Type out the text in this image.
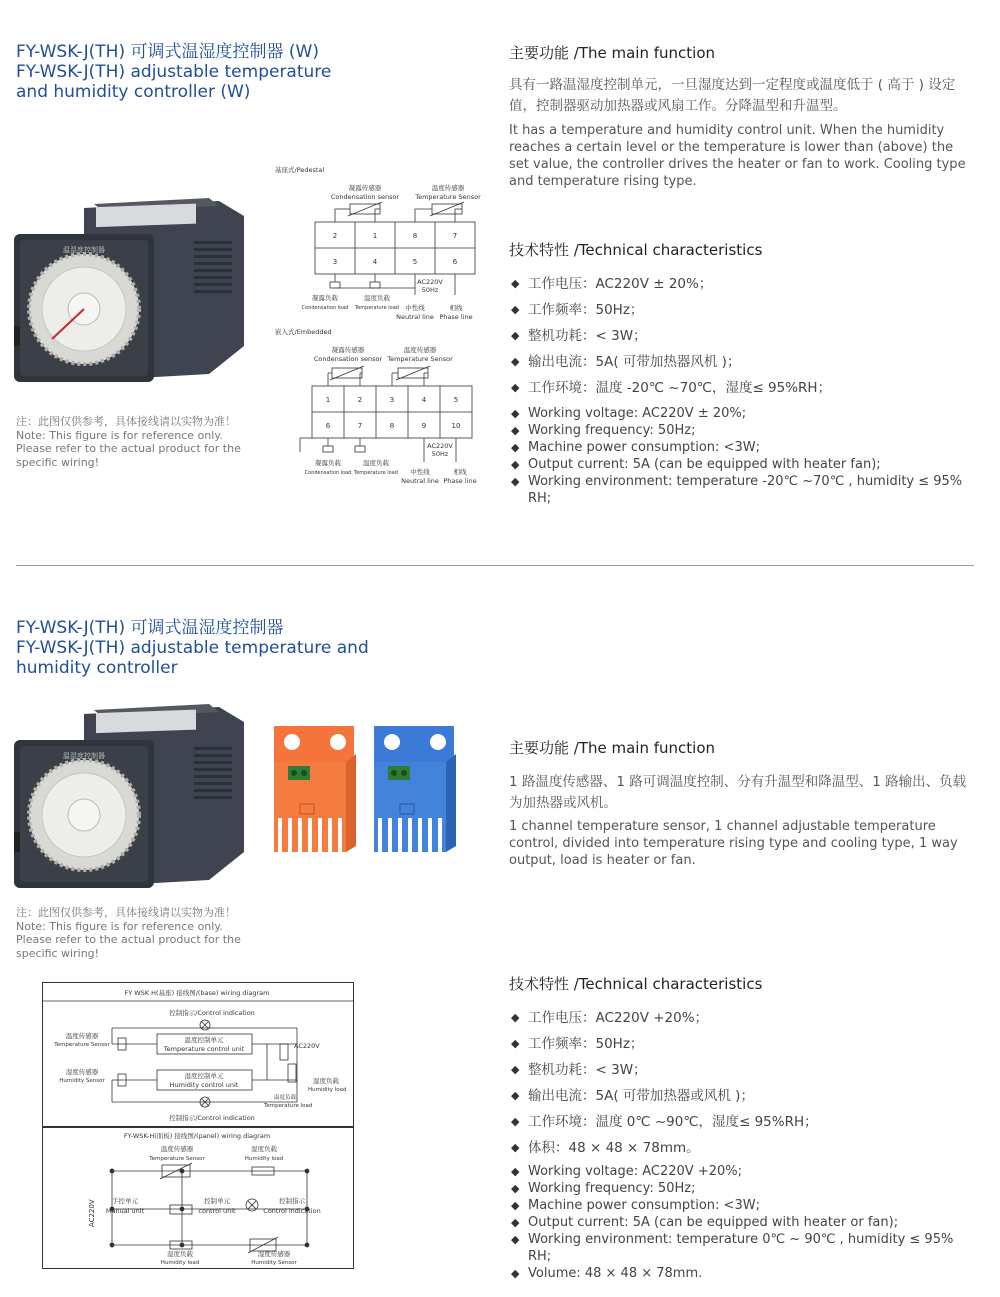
FY-WSK-J(TH) 可调式温湿度控制器 (W)
FY-WSK-J(TH) adjustable temperature
and humidity controller (W)
温湿度控制器
注：此图仅供参考，具体接线请以实物为准！
Note: This figure is for reference only. Please refer to the actual product for the specific wiring!
基座式/Pedestal
凝露传感器
Condensation sensor
温度传感器
Temperature Sensor
2	1	8	7
3	4	5	6
AC220V
50Hz
凝露负载
Condensation load
温度负载
Temperature load 中性线
Neutral line
相线
Phase line
嵌入式/Embedded
凝露传感器
Condensation sensor
温度传感器
Temperature Sensor
1	2	3	4	5
6	7	8	9	10
AC220V
50Hz
凝露负载
Condensation load
温度负载
Temperature load 中性线
Neutral line
相线
Phase line
主要功能 /The main function
具有一路温湿度控制单元，一旦湿度达到一定程度或温度低于 ( 高于 ) 设定值，控制器驱动加热器或风扇工作。分降温型和升温型。
It has a temperature and humidity control unit. When the humidity reaches a certain level or the temperature is lower than (above) the set value, the controller drives the heater or fan to work. Cooling type and temperature rising type.
技术特性 /Technical characteristics
◆ 工作电压：AC220V ± 20%；
◆ 工作频率：50Hz；
◆ 整机功耗：< 3W；
◆ 输出电流：5A( 可带加热器风机 )；
◆ 工作环境：温度 -20℃ ~70℃，湿度≤ 95%RH；
◆ Working voltage: AC220V ± 20%;
◆ Working frequency: 50Hz;
◆ Machine power consumption: <3W;
◆ Output current: 5A (can be equipped with heater fan);
◆ Working environment: temperature -20℃ ~70℃ , humidity ≤ 95% RH;
FY-WSK-J(TH) 可调式温湿度控制器
FY-WSK-J(TH) adjustable temperature and
humidity controller
温湿度控制器
注：此图仅供参考，具体接线请以实物为准！
Note: This figure is for reference only. Please refer to the actual product for the specific wiring!
FY WSK H(基座) 接线图/(base) wiring diagram
控制指示/Control indication
温度传感器
Temperature Sensor
温度控制单元
Temperature control unit
湿度传感器
Humidity Sensor
湿度控制单元
Humidity control unit
AC220V
温度负载
Temperature load
湿度负载
Humidity load
控制指示/Control indication
FY-WSK-H(面板) 接线图/(panel) wiring diagram
温度传感器
Temperature Sensor
湿度负载
Humidity load
AC220V 手控单元
Manual unit
控制单元
control unit
控制指示
Control indication
湿度负载
Humidity load
湿度传感器
Humidity Sensor
主要功能 /The main function
1 路温度传感器、1 路可调温度控制、分有升温型和降温型、1 路输出、负载为加热器或风机。
1 channel temperature sensor, 1 channel adjustable temperature control, divided into temperature rising type and cooling type, 1 way output, load is heater or fan.
技术特性 /Technical characteristics
◆ 工作电压：AC220V +20%；
◆ 工作频率：50Hz；
◆ 整机功耗：< 3W；
◆ 输出电流：5A( 可带加热器或风机 )；
◆ 工作环境：温度 0℃ ~90℃，湿度≤ 95%RH；
◆ 体积：48 × 48 × 78mm。
◆ Working voltage: AC220V +20%;
◆ Working frequency: 50Hz;
◆ Machine power consumption: <3W;
◆ Output current: 5A (can be equipped with heater or fan);
◆ Working environment: temperature 0℃ ~ 90℃ , humidity ≤ 95% RH;
◆ Volume: 48 × 48 × 78mm.
